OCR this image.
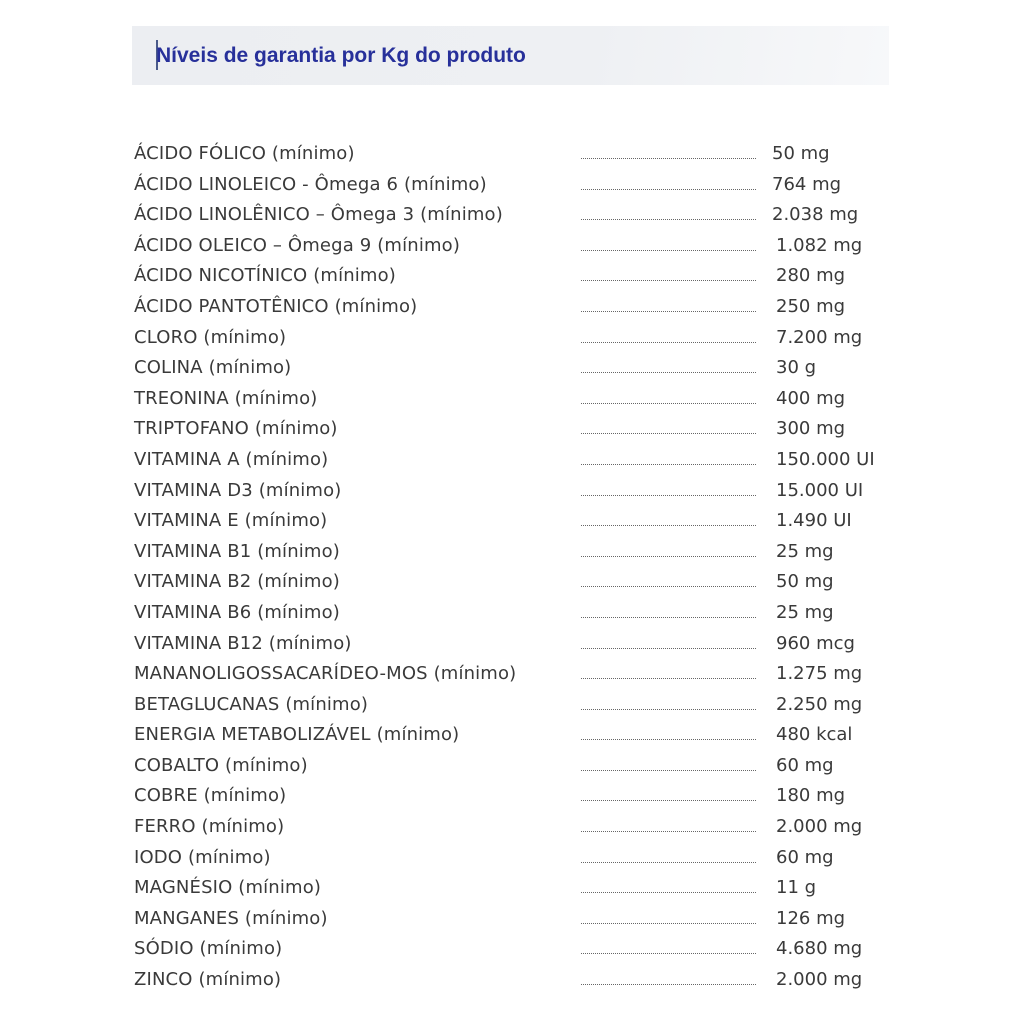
Níveis de garantia por Kg do produto
ÁCIDO FÓLICO (mínimo)	50 mg
ÁCIDO LINOLEICO - Ômega 6 (mínimo)	764 mg
ÁCIDO LINOLÊNICO – Ômega 3 (mínimo)	2.038 mg
ÁCIDO OLEICO – Ômega 9 (mínimo)	1.082 mg
ÁCIDO NICOTÍNICO (mínimo)	280 mg
ÁCIDO PANTOTÊNICO (mínimo)	250 mg
CLORO (mínimo)	7.200 mg
COLINA (mínimo)	30 g
TREONINA (mínimo)	400 mg
TRIPTOFANO (mínimo)	300 mg
VITAMINA A (mínimo)	150.000 UI
VITAMINA D3 (mínimo)	15.000 UI
VITAMINA E (mínimo)	1.490 UI
VITAMINA B1 (mínimo)	25 mg
VITAMINA B2 (mínimo)	50 mg
VITAMINA B6 (mínimo)	25 mg
VITAMINA B12 (mínimo)	960 mcg
MANANOLIGOSSACARÍDEO-MOS (mínimo)	1.275 mg
BETAGLUCANAS (mínimo)	2.250 mg
ENERGIA METABOLIZÁVEL (mínimo)	480 kcal
COBALTO (mínimo)	60 mg
COBRE (mínimo)	180 mg
FERRO (mínimo)	2.000 mg
IODO (mínimo)	60 mg
MAGNÉSIO (mínimo)	11 g
MANGANES (mínimo)	126 mg
SÓDIO (mínimo)	4.680 mg
ZINCO (mínimo)	2.000 mg
